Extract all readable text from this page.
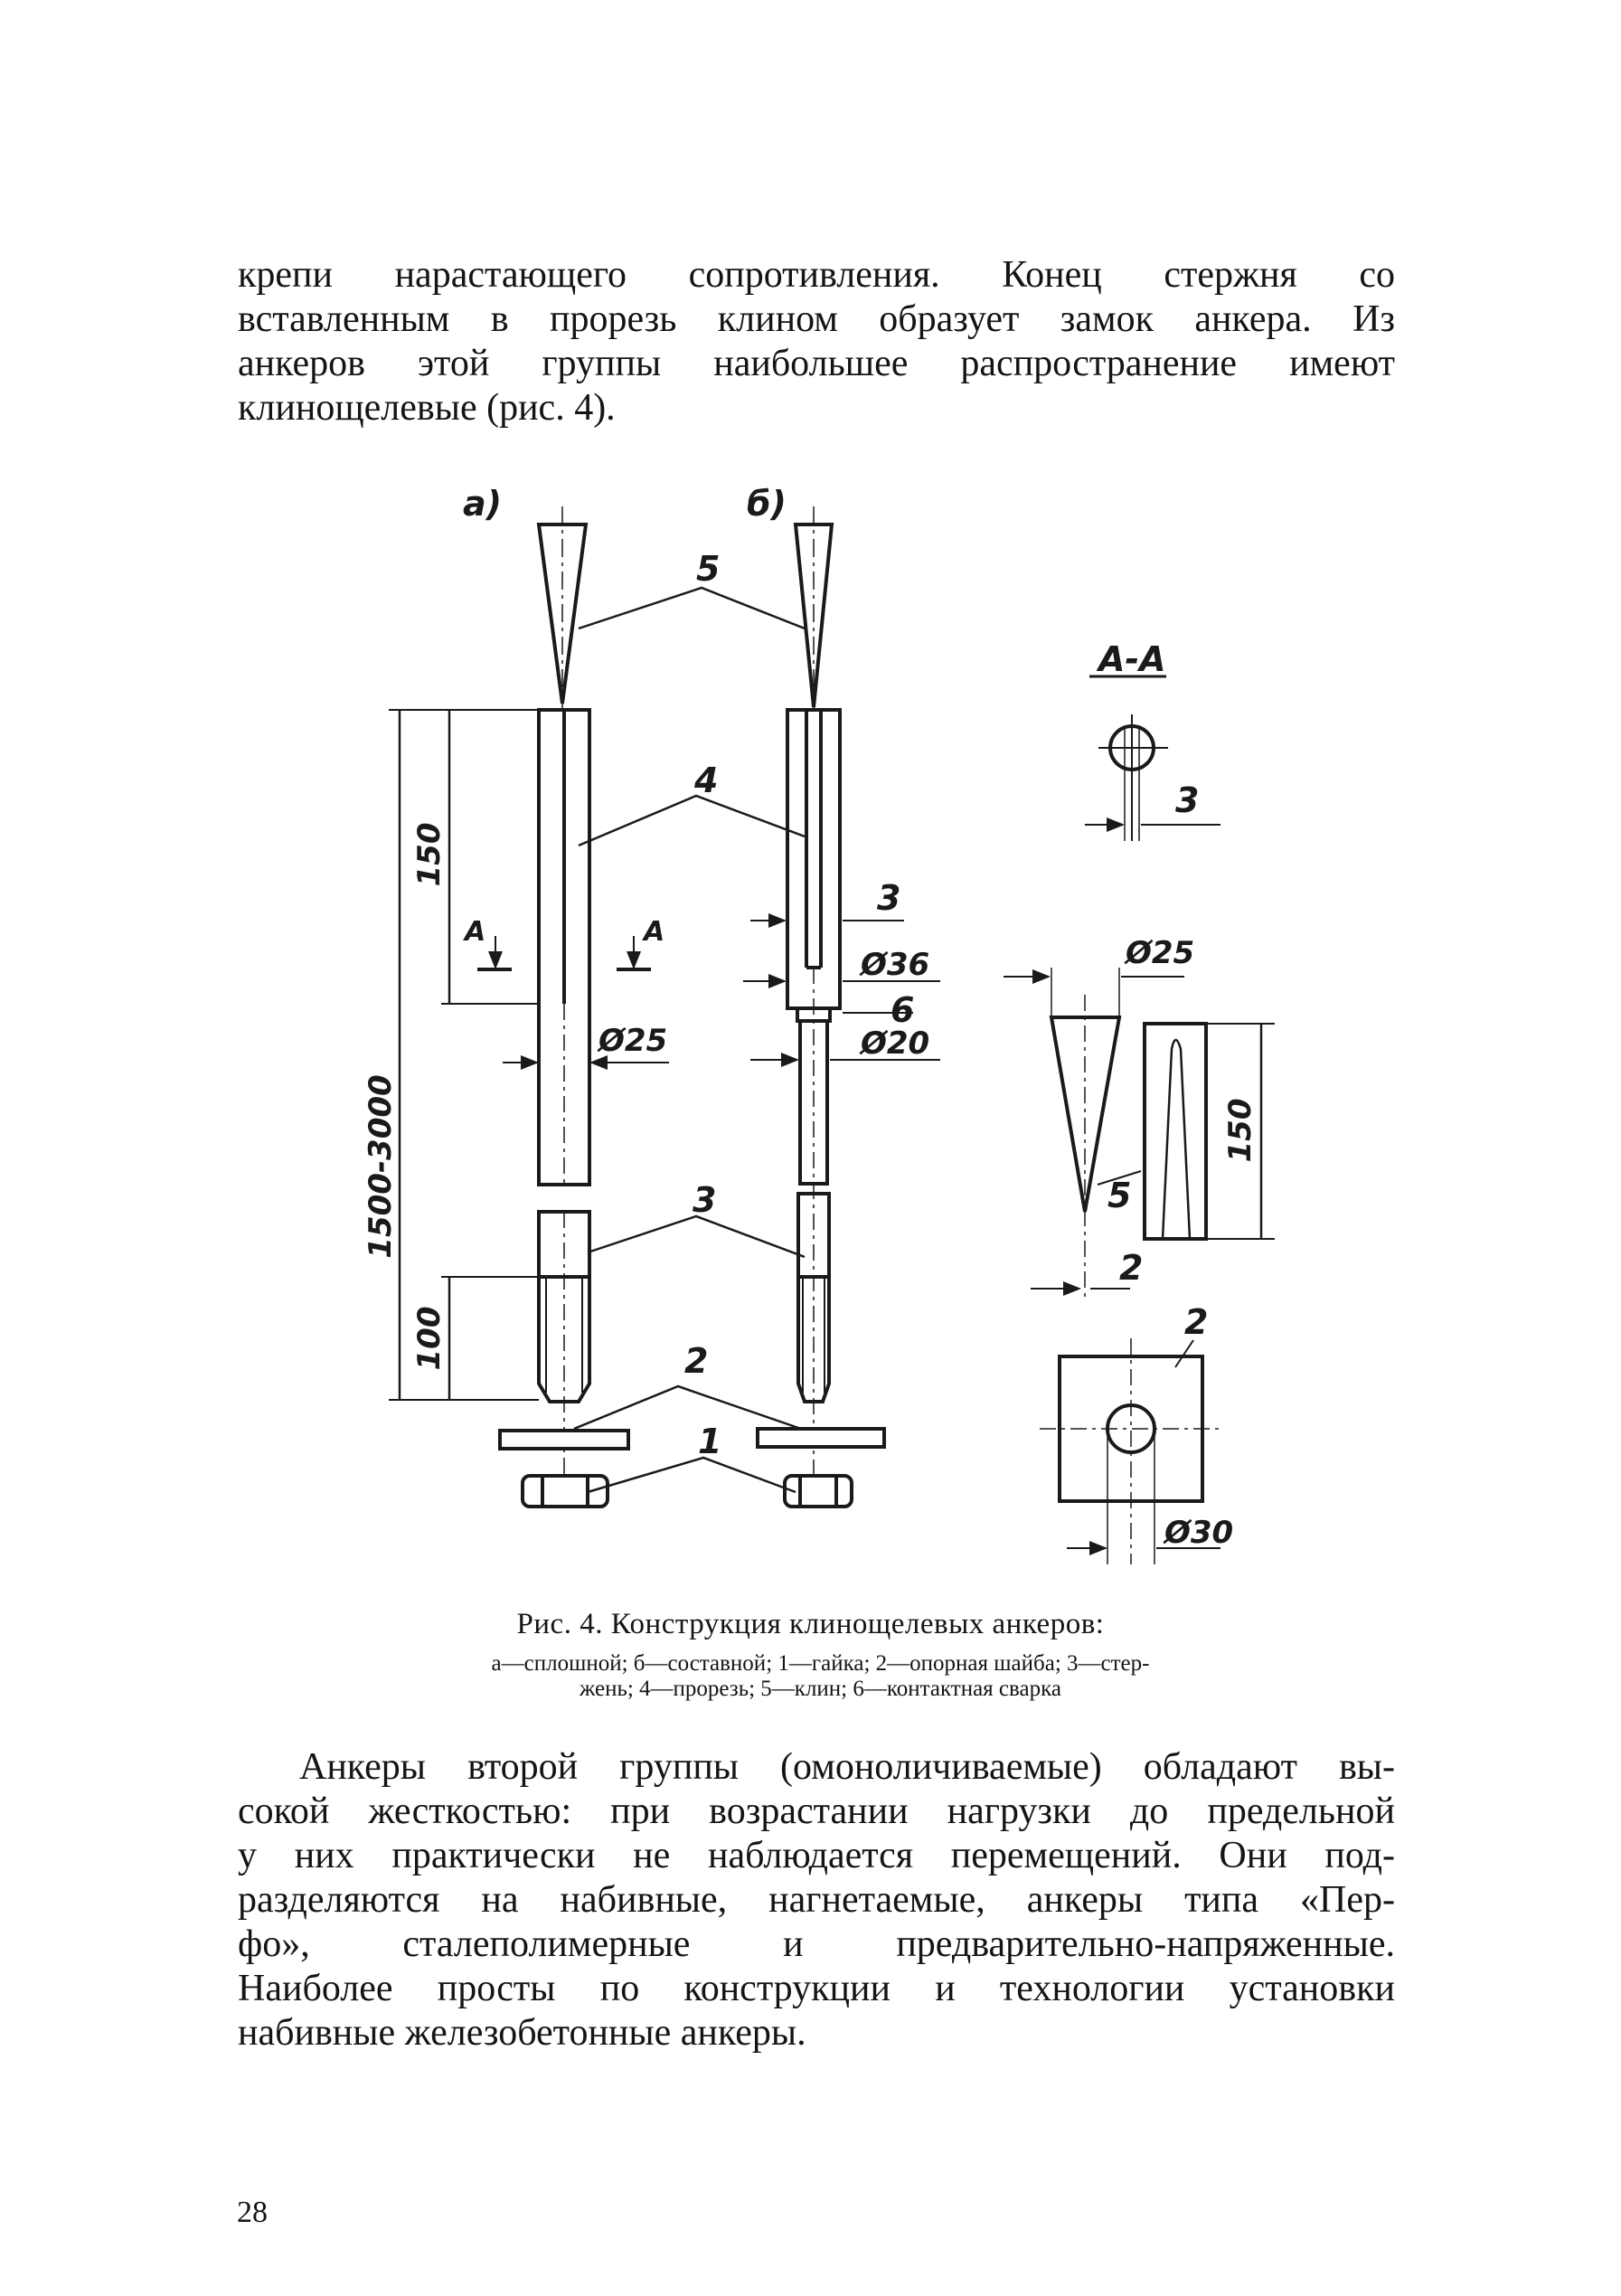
крепи нарастающего сопротивления. Конец стержня со
вставленным в прорезь клином образует замок анкера. Из
анкеров этой группы наибольшее распространение имеют
клинощелевые (рис. 4).
а)	б)
5
4
3
2
1
3
6
А-А
3
5
2
2
А	А
Ø25
Ø36
Ø20
Ø25
Ø30
1500-3000
150
100
150
Рис. 4. Конструкция клинощелевых анкеров:
а—сплошной; б—составной; 1—гайка; 2—опорная шайба; 3—стер-
жень; 4—прорезь; 5—клин; 6—контактная сварка
Анкеры второй группы (омоноличиваемые) обладают вы-
сокой жесткостью: при возрастании нагрузки до предельной
у них практически не наблюдается перемещений. Они под-
разделяются на набивные, нагнетаемые, анкеры типа «Пер-
фо», сталеполимерные и предварительно-напряженные.
Наиболее просты по конструкции и технологии установки
набивные железобетонные анкеры.
28
